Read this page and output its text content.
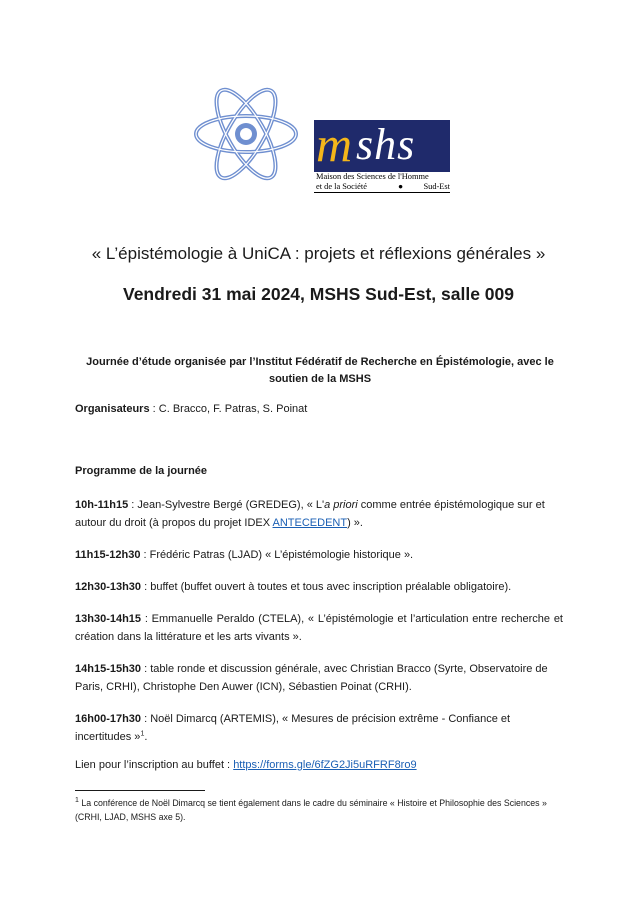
m shs
Maison des Sciences de l'Homme
et de la Société	● Sud-Est
« L’épistémologie à UniCA : projets et réflexions générales »
Vendredi 31 mai 2024, MSHS Sud-Est, salle 009
Journée d’étude organisée par l’Institut Fédératif de Recherche en Épistémologie, avec le soutien de la MSHS

Organisateurs : C. Bracco, F. Patras, S. Poinat

Programme de la journée

10h-11h15 : Jean-Sylvestre Bergé (GREDEG), « L'a priori comme entrée épistémologique sur et autour du droit (à propos du projet IDEX ANTECEDENT) ».

11h15-12h30 : Frédéric Patras (LJAD) « L’épistémologie historique ».

12h30-13h30 : buffet (buffet ouvert à toutes et tous avec inscription préalable obligatoire).

13h30-14h15 : Emmanuelle Peraldo (CTELA), « L’épistémologie et l’articulation entre recherche et création dans la littérature et les arts vivants ».

14h15-15h30 : table ronde et discussion générale, avec Christian Bracco (Syrte, Observatoire de Paris, CRHI), Christophe Den Auwer (ICN), Sébastien Poinat (CRHI).

16h00-17h30 : Noël Dimarcq (ARTEMIS), « Mesures de précision extrême - Confiance et incertitudes »$^1$.

Lien pour l’inscription au buffet : https://forms.gle/6fZG2Ji5uRFRF8ro9

$^1$ La conférence de Noël Dimarcq se tient également dans le cadre du séminaire « Histoire et Philosophie des Sciences » (CRHI, LJAD, MSHS axe 5).
